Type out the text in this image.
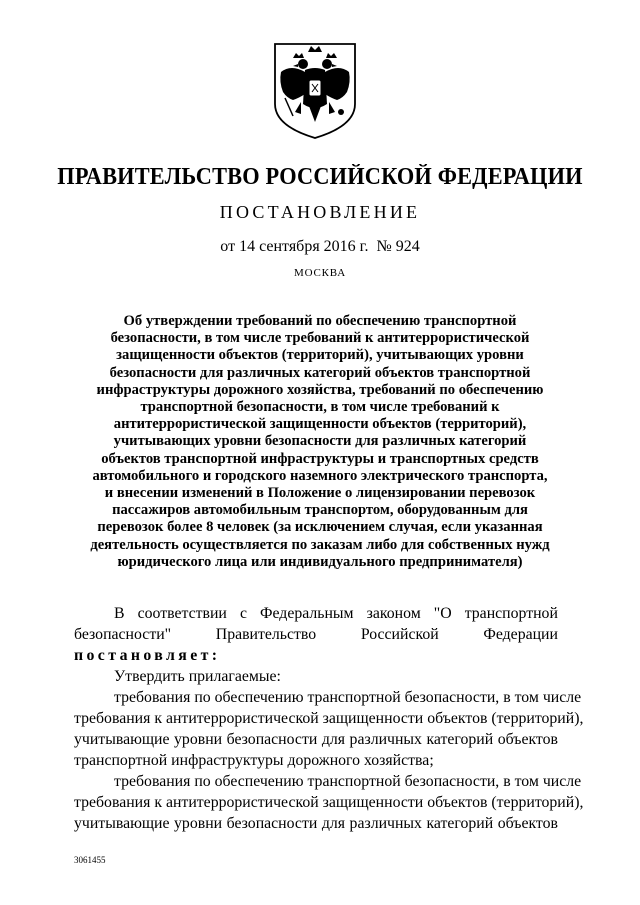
ПРАВИТЕЛЬСТВО РОССИЙСКОЙ ФЕДЕРАЦИИ
ПОСТАНОВЛЕНИЕ
от 14 сентября 2016 г. № 924
МОСКВА
Об утверждении требований по обеспечению транспортной
безопасности, в том числе требований к антитеррористической
защищенности объектов (территорий), учитывающих уровни
безопасности для различных категорий объектов транспортной
инфраструктуры дорожного хозяйства, требований по обеспечению
транспортной безопасности, в том числе требований к
антитеррористической защищенности объектов (территорий),
учитывающих уровни безопасности для различных категорий
объектов транспортной инфраструктуры и транспортных средств
автомобильного и городского наземного электрического транспорта,
и внесении изменений в Положение о лицензировании перевозок
пассажиров автомобильным транспортом, оборудованным для
перевозок более 8 человек (за исключением случая, если указанная
деятельность осуществляется по заказам либо для собственных нужд
юридического лица или индивидуального предпринимателя)
В соответствии с Федеральным законом "О транспортной
безопасности"	Правительство	Российской	Федерации
постановляет:
Утвердить прилагаемые:
требования по обеспечению транспортной безопасности, в том числе
требования к антитеррористической защищенности объектов (территорий),
учитывающие уровни безопасности для различных категорий объектов
транспортной инфраструктуры дорожного хозяйства;
требования по обеспечению транспортной безопасности, в том числе
требования к антитеррористической защищенности объектов (территорий),
учитывающие уровни безопасности для различных категорий объектов
3061455
